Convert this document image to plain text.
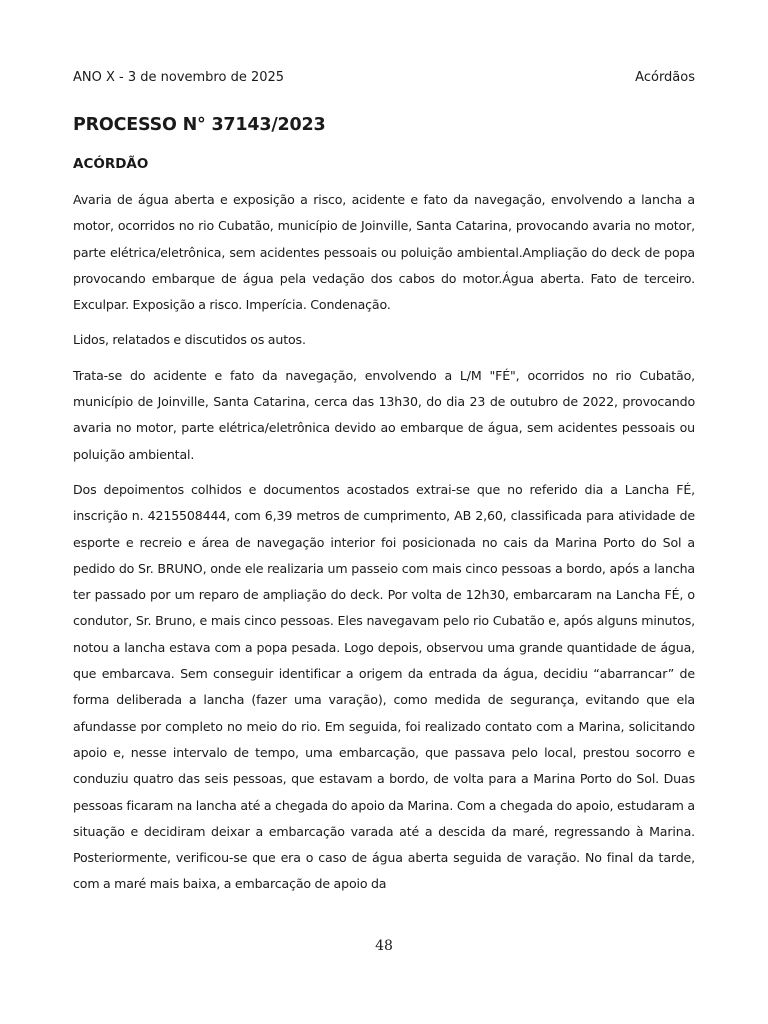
ANO X - 3 de novembro de 2025	Acórdãos
PROCESSO N° 37143/2023
ACÓRDÃO

Avaria de água aberta e exposição a risco, acidente e fato da navegação, envolvendo a lancha a motor, ocorridos no rio Cubatão, município de Joinville, Santa Catarina, provocando avaria no motor, parte elétrica/eletrônica, sem acidentes pessoais ou poluição ambiental.Ampliação do deck de popa provocando embarque de água pela vedação dos cabos do motor.Água aberta. Fato de terceiro. Exculpar. Exposição a risco. Imperícia. Condenação.

Lidos, relatados e discutidos os autos.

Trata-se do acidente e fato da navegação, envolvendo a L/M "FÉ", ocorridos no rio Cubatão, município de Joinville, Santa Catarina, cerca das 13h30, do dia 23 de outubro de 2022, provocando avaria no motor, parte elétrica/eletrônica devido ao embarque de água, sem acidentes pessoais ou poluição ambiental.

Dos depoimentos colhidos e documentos acostados extrai-se que no referido dia a Lancha FÉ, inscrição n. 4215508444, com 6,39 metros de cumprimento, AB 2,60, classificada para atividade de esporte e recreio e área de navegação interior foi posicionada no cais da Marina Porto do Sol a pedido do Sr. BRUNO, onde ele realizaria um passeio com mais cinco pessoas a bordo, após a lancha ter passado por um reparo de ampliação do deck. Por volta de 12h30, embarcaram na Lancha FÉ, o condutor, Sr. Bruno, e mais cinco pessoas. Eles navegavam pelo rio Cubatão e, após alguns minutos, notou a lancha estava com a popa pesada. Logo depois, observou uma grande quantidade de água, que embarcava. Sem conseguir identificar a origem da entrada da água, decidiu “abarrancar” de forma deliberada a lancha (fazer uma varação), como medida de segurança, evitando que ela afundasse por completo no meio do rio. Em seguida, foi realizado contato com a Marina, solicitando apoio e, nesse intervalo de tempo, uma embarcação, que passava pelo local, prestou socorro e conduziu quatro das seis pessoas, que estavam a bordo, de volta para a Marina Porto do Sol. Duas pessoas ficaram na lancha até a chegada do apoio da Marina. Com a chegada do apoio, estudaram a situação e decidiram deixar a embarcação varada até a descida da maré, regressando à Marina. Posteriormente, verificou-se que era o caso de água aberta seguida de varação. No final da tarde, com a maré mais baixa, a embarcação de apoio da

48
